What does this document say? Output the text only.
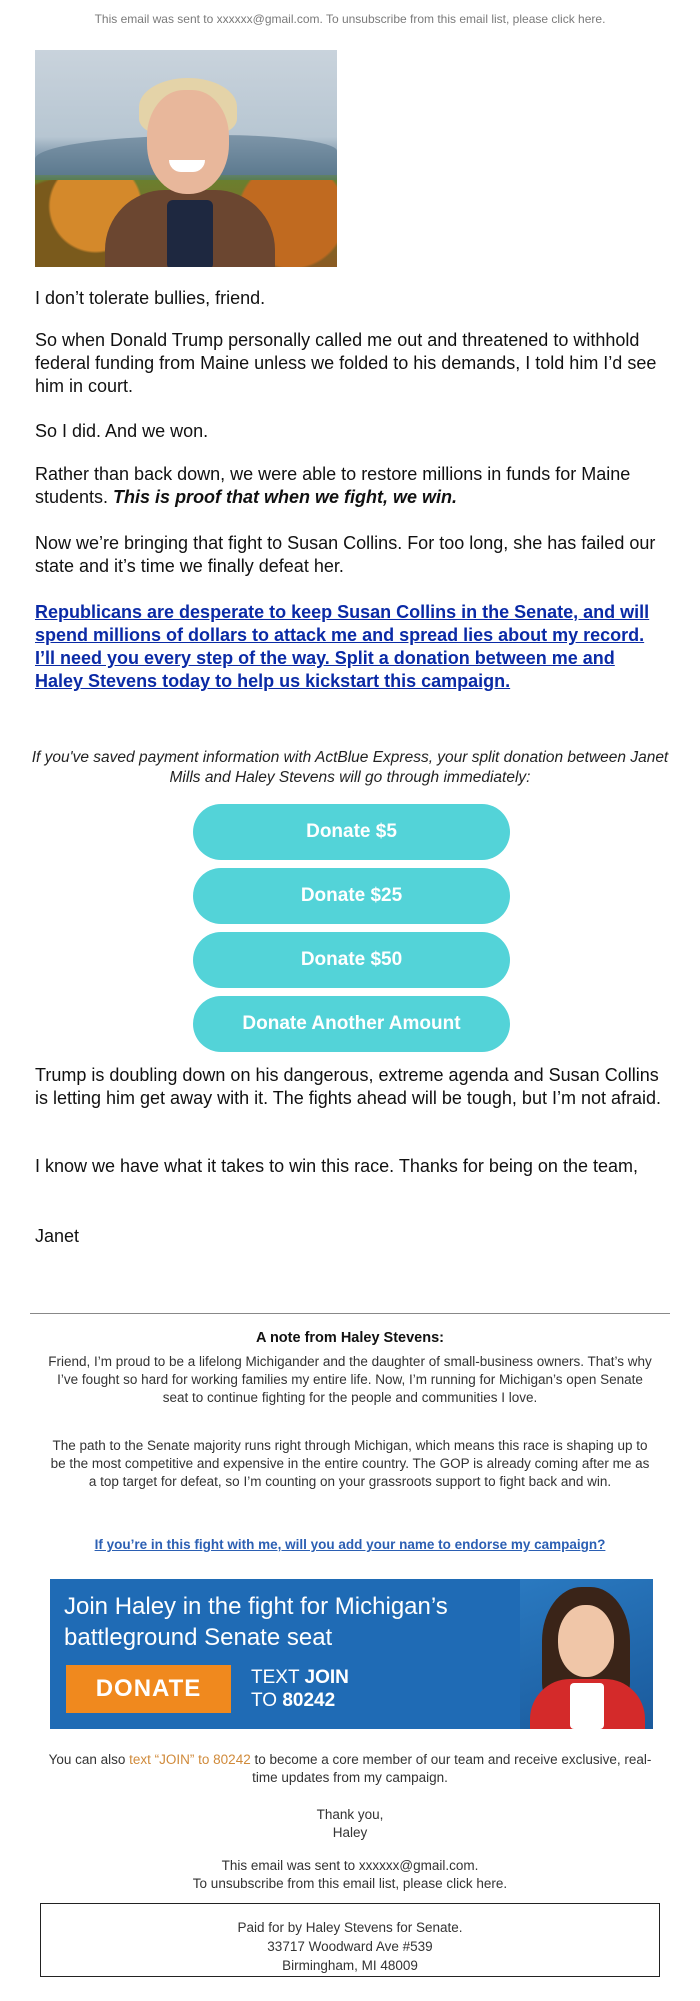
This email was sent to xxxxxx@gmail.com. To unsubscribe from this email list, please click here.
I don’t tolerate bullies, friend.
So when Donald Trump personally called me out and threatened to withhold federal funding from Maine unless we folded to his demands, I told him I’d see him in court.
So I did. And we won.
Rather than back down, we were able to restore millions in funds for Maine students. This is proof that when we fight, we win.
Now we’re bringing that fight to Susan Collins. For too long, she has failed our state and it’s time we finally defeat her.
Republicans are desperate to keep Susan Collins in the Senate, and will spend millions of dollars to attack me and spread lies about my record. I’ll need you every step of the way. Split a donation between me and Haley Stevens today to help us kickstart this campaign.
If you've saved payment information with ActBlue Express, your split donation between Janet Mills and Haley Stevens will go through immediately:
Donate $5
Donate $25
Donate $50
Donate Another Amount
Trump is doubling down on his dangerous, extreme agenda and Susan Collins is letting him get away with it. The fights ahead will be tough, but I’m not afraid.
I know we have what it takes to win this race. Thanks for being on the team,
Janet
A note from Haley Stevens:
Friend, I’m proud to be a lifelong Michigander and the daughter of small-business owners. That’s why I’ve fought so hard for working families my entire life. Now, I’m running for Michigan’s open Senate seat to continue fighting for the people and communities I love.
The path to the Senate majority runs right through Michigan, which means this race is shaping up to be the most competitive and expensive in the entire country. The GOP is already coming after me as a top target for defeat, so I’m counting on your grassroots support to fight back and win.
If you’re in this fight with me, will you add your name to endorse my campaign?
Join Haley in the fight for Michigan’s battleground Senate seat
DONATE	TEXT JOIN
TO 80242
You can also text “JOIN” to 80242 to become a core member of our team and receive exclusive, real-time updates from my campaign.
Thank you,
Haley
This email was sent to xxxxxx@gmail.com.
To unsubscribe from this email list, please click here.
Paid for by Haley Stevens for Senate.
33717 Woodward Ave #539
Birmingham, MI 48009
